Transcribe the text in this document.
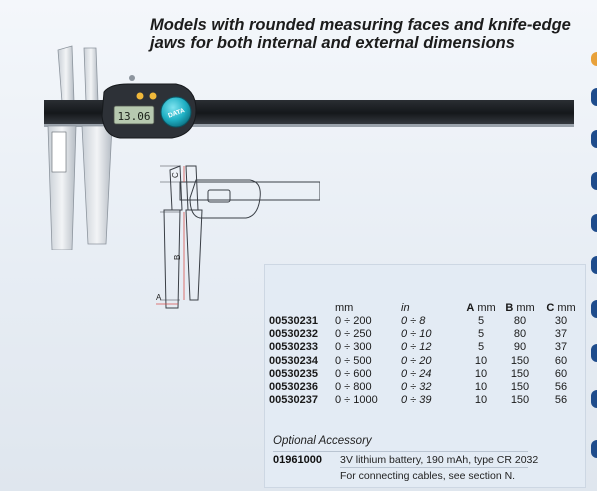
Models with rounded measuring faces and knife-edge
jaws for both internal and external dimensions
13.06	DATA
C
B
A
	mm	in	A mm	B mm	C mm
00530231	0 ÷ 200	0 ÷ 8	5	80	30
00530232	0 ÷ 250	0 ÷ 10	5	80	37
00530233	0 ÷ 300	0 ÷ 12	5	90	37
00530234	0 ÷ 500	0 ÷ 20	10	150	60
00530235	0 ÷ 600	0 ÷ 24	10	150	60
00530236	0 ÷ 800	0 ÷ 32	10	150	56
00530237	0 ÷ 1000	0 ÷ 39	10	150	56
Optional Accessory
01961000 3V lithium battery, 190 mAh, type CR 2032
For connecting cables, see section N.
